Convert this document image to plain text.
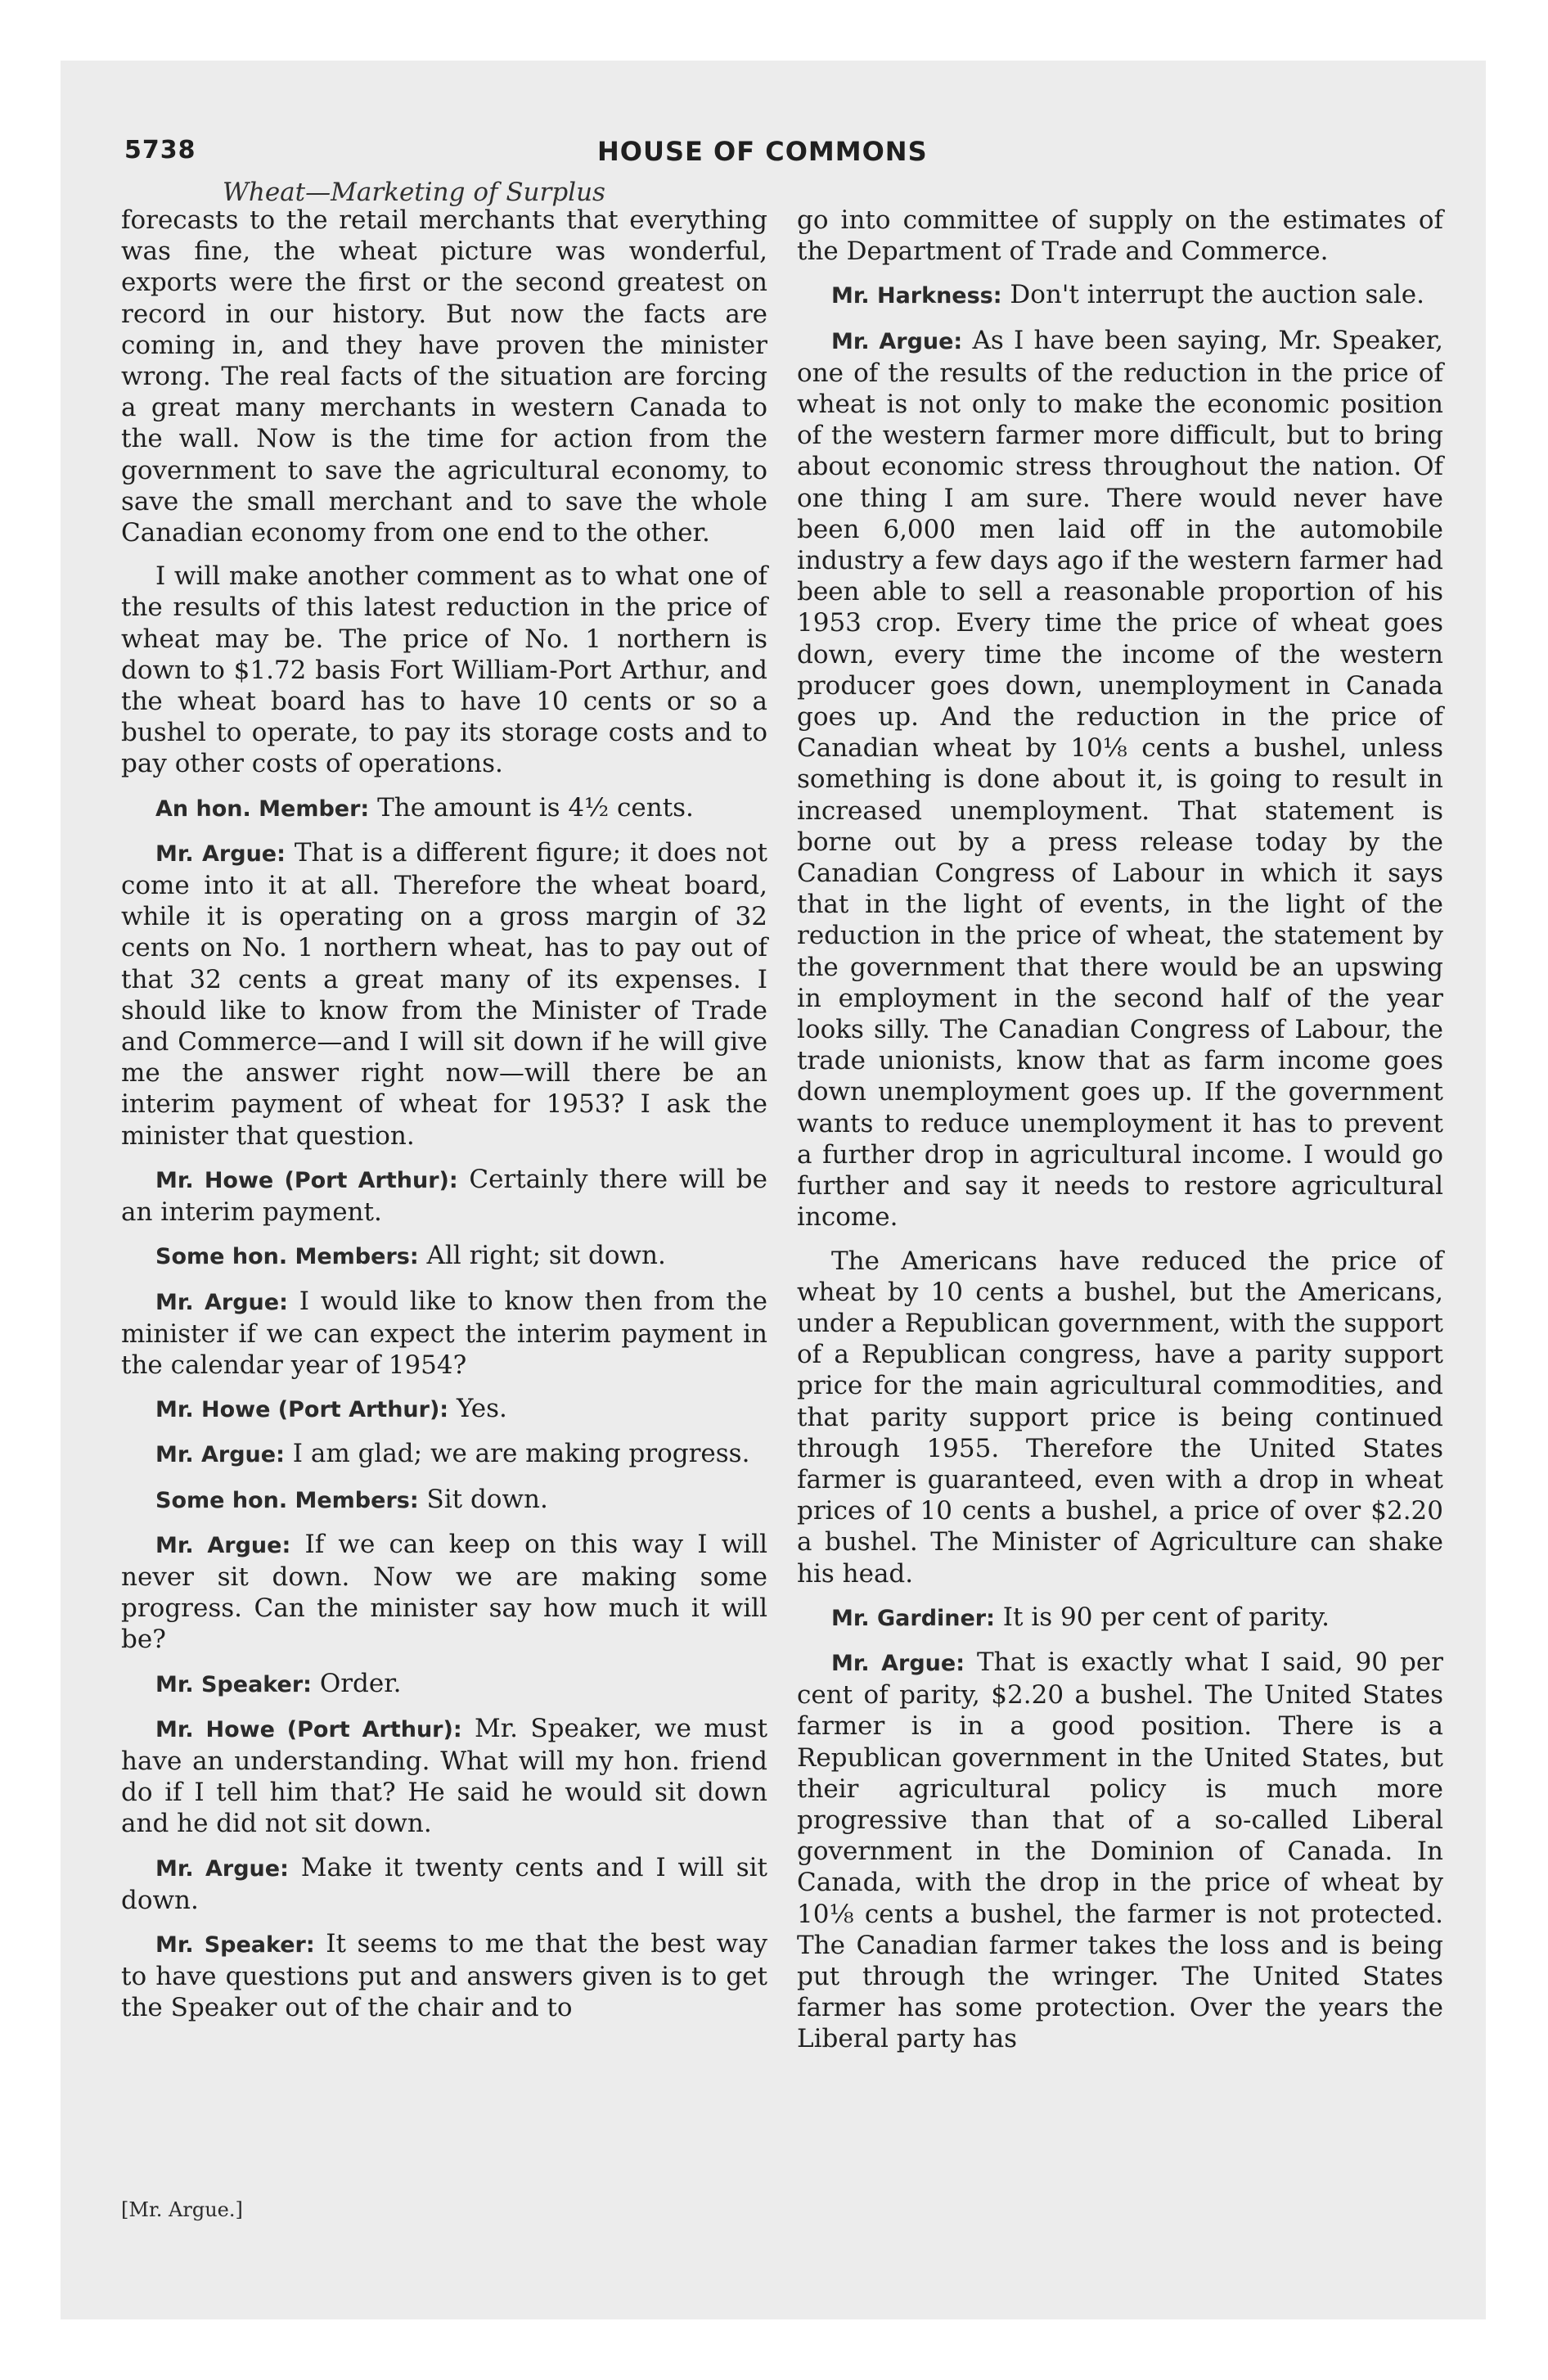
5738	HOUSE OF COMMONS
Wheat—Marketing of Surplus

forecasts to the retail merchants that everything was fine, the wheat picture was wonderful, exports were the first or the second greatest on record in our history. But now the facts are coming in, and they have proven the minister wrong. The real facts of the situation are forcing a great many merchants in western Canada to the wall. Now is the time for action from the government to save the agricultural economy, to save the small merchant and to save the whole Canadian economy from one end to the other.

I will make another comment as to what one of the results of this latest reduction in the price of wheat may be. The price of No. 1 northern is down to $1.72 basis Fort William-Port Arthur, and the wheat board has to have 10 cents or so a bushel to operate, to pay its storage costs and to pay other costs of operations.

An hon. Member: The amount is 4½ cents.

Mr. Argue: That is a different figure; it does not come into it at all. Therefore the wheat board, while it is operating on a gross margin of 32 cents on No. 1 northern wheat, has to pay out of that 32 cents a great many of its expenses. I should like to know from the Minister of Trade and Commerce—and I will sit down if he will give me the answer right now—will there be an interim payment of wheat for 1953? I ask the minister that question.

Mr. Howe (Port Arthur): Certainly there will be an interim payment.

Some hon. Members: All right; sit down.

Mr. Argue: I would like to know then from the minister if we can expect the interim payment in the calendar year of 1954?

Mr. Howe (Port Arthur): Yes.

Mr. Argue: I am glad; we are making progress.

Some hon. Members: Sit down.

Mr. Argue: If we can keep on this way I will never sit down. Now we are making some progress. Can the minister say how much it will be?

Mr. Speaker: Order.

Mr. Howe (Port Arthur): Mr. Speaker, we must have an understanding. What will my hon. friend do if I tell him that? He said he would sit down and he did not sit down.

Mr. Argue: Make it twenty cents and I will sit down.

Mr. Speaker: It seems to me that the best way to have questions put and answers given is to get the Speaker out of the chair and to

go into committee of supply on the estimates of the Department of Trade and Commerce.

Mr. Harkness: Don't interrupt the auction sale.

Mr. Argue: As I have been saying, Mr. Speaker, one of the results of the reduction in the price of wheat is not only to make the economic position of the western farmer more difficult, but to bring about economic stress throughout the nation. Of one thing I am sure. There would never have been 6,000 men laid off in the automobile industry a few days ago if the western farmer had been able to sell a reasonable proportion of his 1953 crop. Every time the price of wheat goes down, every time the income of the western producer goes down, unemployment in Canada goes up. And the reduction in the price of Canadian wheat by 10⅛ cents a bushel, unless something is done about it, is going to result in increased unemployment. That statement is borne out by a press release today by the Canadian Congress of Labour in which it says that in the light of events, in the light of the reduction in the price of wheat, the statement by the government that there would be an upswing in employment in the second half of the year looks silly. The Canadian Congress of Labour, the trade unionists, know that as farm income goes down unemployment goes up. If the government wants to reduce unemployment it has to prevent a further drop in agricultural income. I would go further and say it needs to restore agricultural income.

The Americans have reduced the price of wheat by 10 cents a bushel, but the Americans, under a Republican government, with the support of a Republican congress, have a parity support price for the main agricultural commodities, and that parity support price is being continued through 1955. Therefore the United States farmer is guaranteed, even with a drop in wheat prices of 10 cents a bushel, a price of over $2.20 a bushel. The Minister of Agriculture can shake his head.

Mr. Gardiner: It is 90 per cent of parity.

Mr. Argue: That is exactly what I said, 90 per cent of parity, $2.20 a bushel. The United States farmer is in a good position. There is a Republican government in the United States, but their agricultural policy is much more progressive than that of a so-called Liberal government in the Dominion of Canada. In Canada, with the drop in the price of wheat by 10⅛ cents a bushel, the farmer is not protected. The Canadian farmer takes the loss and is being put through the wringer. The United States farmer has some protection. Over the years the Liberal party has

[Mr. Argue.]
